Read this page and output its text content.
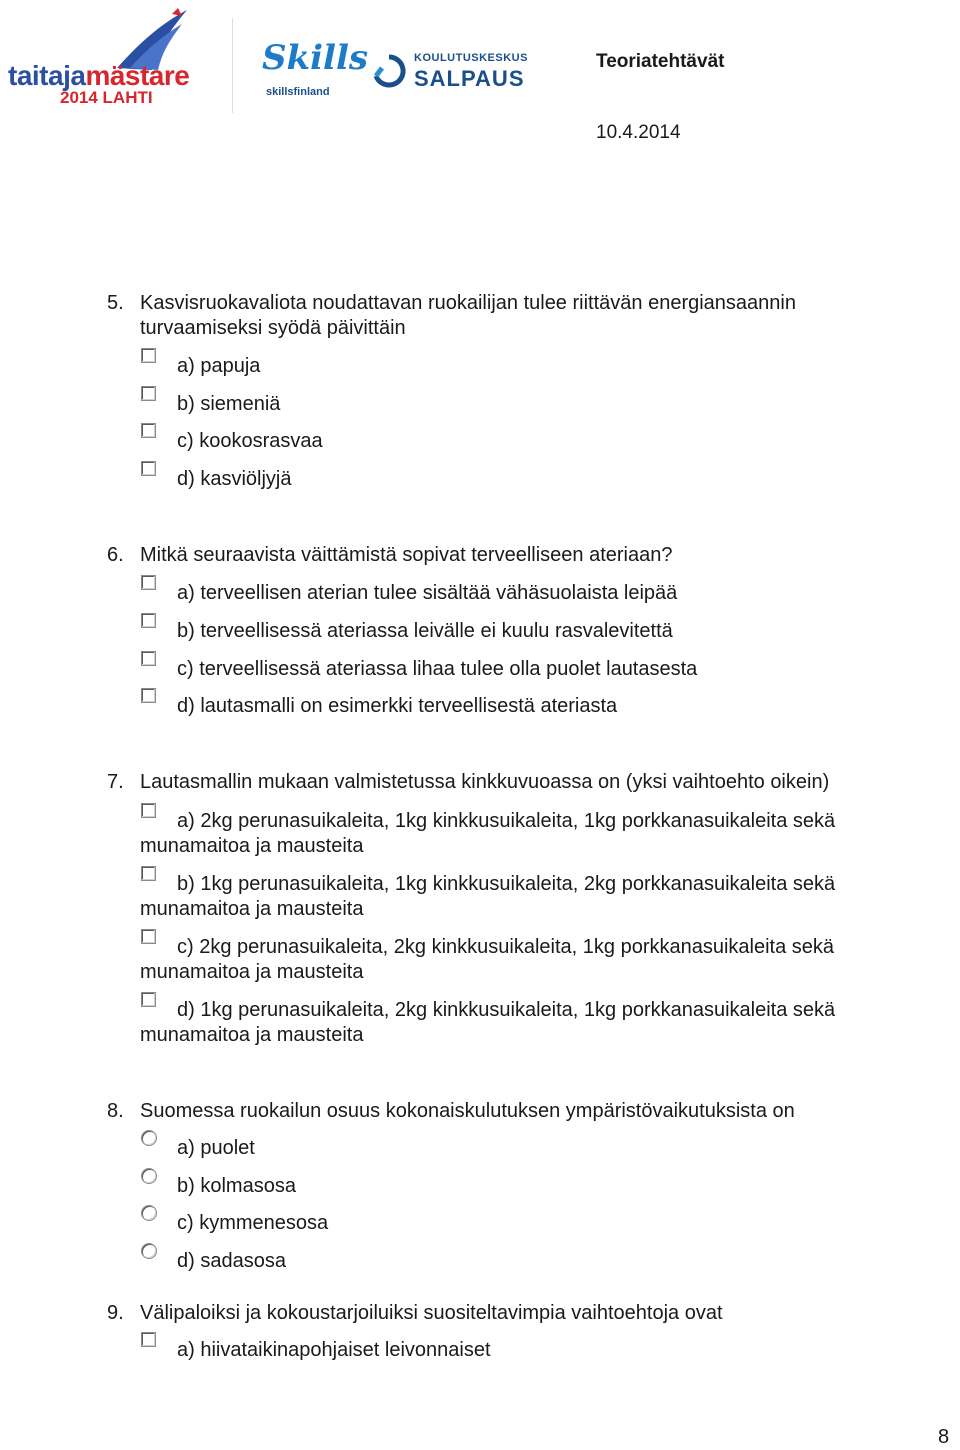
taitajamästare
2014 LAHTI
Skills
skillsfinland
KOULUTUSKESKUS
SALPAUS
Teoriatehtävät
10.4.2014
5. Kasvisruokavaliota noudattavan ruokailijan tulee riittävän energiansaannin
turvaamiseksi syödä päivittäin
a) papuja
b) siemeniä
c) kookosrasvaa
d) kasviöljyjä
6. Mitkä seuraavista väittämistä sopivat terveelliseen ateriaan?
a) terveellisen aterian tulee sisältää vähäsuolaista leipää
b) terveellisessä ateriassa leivälle ei kuulu rasvalevitettä
c) terveellisessä ateriassa lihaa tulee olla puolet lautasesta
d) lautasmalli on esimerkki terveellisestä ateriasta
7. Lautasmallin mukaan valmistetussa kinkkuvuoassa on (yksi vaihtoehto oikein)
a) 2kg perunasuikaleita, 1kg kinkkusuikaleita, 1kg porkkanasuikaleita sekä
munamaitoa ja mausteita
b) 1kg perunasuikaleita, 1kg kinkkusuikaleita, 2kg porkkanasuikaleita sekä
munamaitoa ja mausteita
c) 2kg perunasuikaleita, 2kg kinkkusuikaleita, 1kg porkkanasuikaleita sekä
munamaitoa ja mausteita
d) 1kg perunasuikaleita, 2kg kinkkusuikaleita, 1kg porkkanasuikaleita sekä
munamaitoa ja mausteita
8. Suomessa ruokailun osuus kokonaiskulutuksen ympäristövaikutuksista on
a) puolet
b) kolmasosa
c) kymmenesosa
d) sadasosa
9. Välipaloiksi ja kokoustarjoiluiksi suositeltavimpia vaihtoehtoja ovat
a) hiivataikinapohjaiset leivonnaiset
8
